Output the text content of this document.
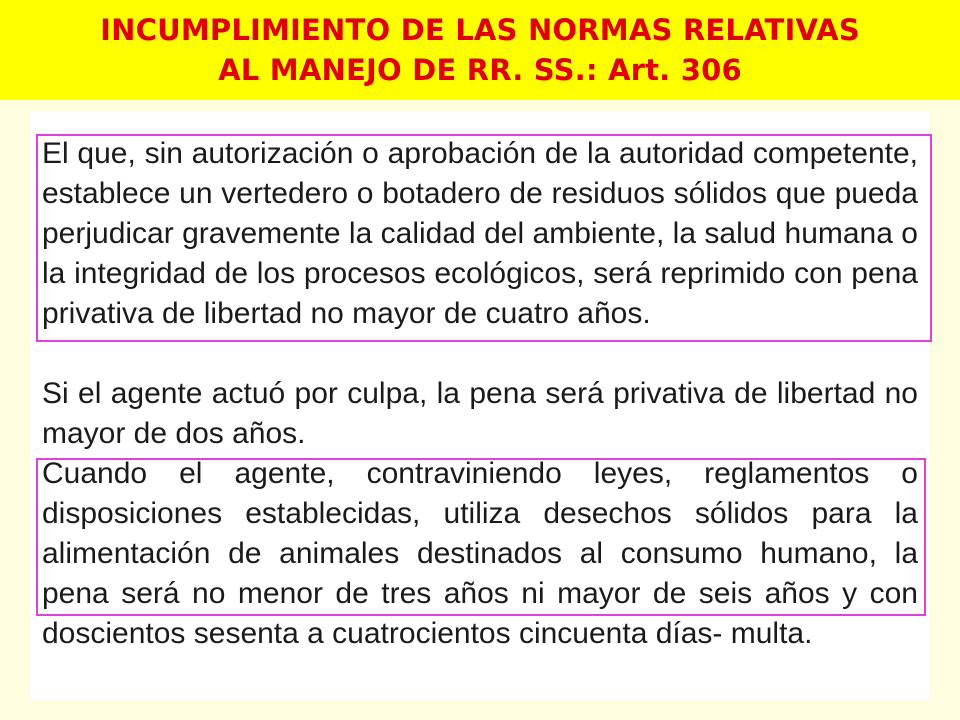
INCUMPLIMIENTO DE LAS NORMAS RELATIVAS
AL MANEJO DE RR. SS.: Art. 306

El que, sin autorización o aprobación de la autoridad competente, establece un vertedero o botadero de residuos sólidos que pueda perjudicar gravemente la calidad del ambiente, la salud humana o la integridad de los procesos ecológicos, será reprimido con pena privativa de libertad no mayor de cuatro años.

Si el agente actuó por culpa, la pena será privativa de libertad no mayor de dos años.

Cuando el agente, contraviniendo leyes, reglamentos o disposiciones establecidas, utiliza desechos sólidos para la alimentación de animales destinados al consumo humano, la pena será no menor de tres años ni mayor de seis años y con doscientos sesenta a cuatrocientos cincuenta días- multa.
